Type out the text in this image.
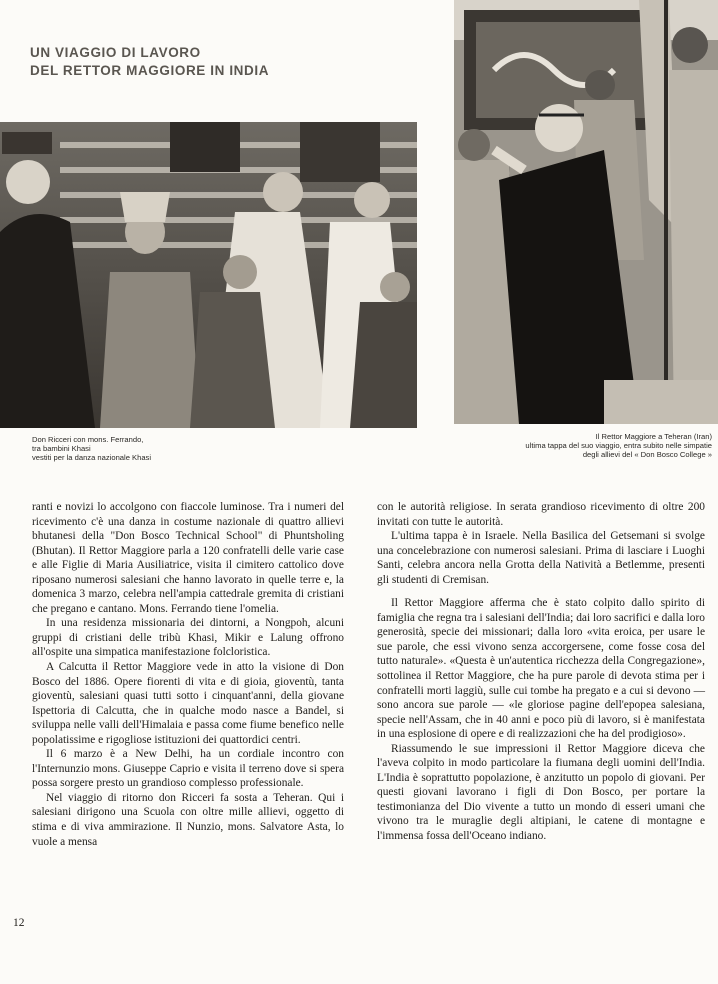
UN VIAGGIO DI LAVORO
DEL RETTOR MAGGIORE IN INDIA
Don Ricceri con mons. Ferrando,
tra bambini Khasi
vestiti per la danza nazionale Khasi
Il Rettor Maggiore a Teheran (Iran)
ultima tappa del suo viaggio, entra subito nelle simpatie
degli allievi del « Don Bosco College »

ranti e novizi lo accolgono con fiaccole luminose. Tra i numeri del ricevimento c'è una danza in costume nazionale di quattro allievi bhutanesi della "Don Bosco Technical School" di Phuntsholing (Bhutan). Il Rettor Maggiore parla a 120 confratelli delle varie case e alle Figlie di Maria Ausiliatrice, visita il cimitero cattolico dove riposano numerosi salesiani che hanno lavorato in quelle terre e, la domenica 3 marzo, celebra nell'ampia cattedrale gremita di cristiani che pregano e cantano. Mons. Ferrando tiene l'omelia.

In una residenza missionaria dei dintorni, a Nongpoh, alcuni gruppi di cristiani delle tribù Khasi, Mikir e Lalung offrono all'ospite una simpatica manifestazione folcloristica.

A Calcutta il Rettor Maggiore vede in atto la visione di Don Bosco del 1886. Opere fiorenti di vita e di gioia, gioventù, tanta gioventù, salesiani quasi tutti sotto i cinquant'anni, della giovane Ispettoria di Calcutta, che in qualche modo nasce a Bandel, si sviluppa nelle valli dell'Himalaia e passa come fiume benefico nelle popolatissime e rigogliose istituzioni dei quattordici centri.

Il 6 marzo è a New Delhi, ha un cordiale incontro con l'Internunzio mons. Giuseppe Caprio e visita il terreno dove si spera possa sorgere presto un grandioso complesso professionale.

Nel viaggio di ritorno don Ricceri fa sosta a Teheran. Qui i salesiani dirigono una Scuola con oltre mille allievi, oggetto di stima e di viva ammirazione. Il Nunzio, mons. Salvatore Asta, lo vuole a mensa

con le autorità religiose. In serata grandioso ricevimento di oltre 200 invitati con tutte le autorità.

L'ultima tappa è in Israele. Nella Basilica del Getsemani si svolge una concelebrazione con numerosi salesiani. Prima di lasciare i Luoghi Santi, celebra ancora nella Grotta della Natività a Betlemme, presenti gli studenti di Cremisan.

Il Rettor Maggiore afferma che è stato colpito dallo spirito di famiglia che regna tra i salesiani dell'India; dai loro sacrifici e dalla loro generosità, specie dei missionari; dalla loro «vita eroica, per usare le sue parole, che essi vivono senza accorgersene, come fosse cosa del tutto naturale». «Questa è un'autentica ricchezza della Congregazione», sottolinea il Rettor Maggiore, che ha pure parole di devota stima per i confratelli morti laggiù, sulle cui tombe ha pregato e a cui si devono — sono ancora sue parole — «le gloriose pagine dell'epopea salesiana, specie nell'Assam, che in 40 anni e poco più di lavoro, si è manifestata in una esplosione di opere e di realizzazioni che ha del prodigioso».

Riassumendo le sue impressioni il Rettor Maggiore diceva che l'aveva colpito in modo particolare la fiumana degli uomini dell'India. L'India è soprattutto popolazione, è anzitutto un popolo di giovani. Per questi giovani lavorano i figli di Don Bosco, per portare la testimonianza del Dio vivente a tutto un mondo di esseri umani che vivono tra le muraglie degli altipiani, le catene di montagne e l'immensa fossa dell'Oceano indiano.

12
